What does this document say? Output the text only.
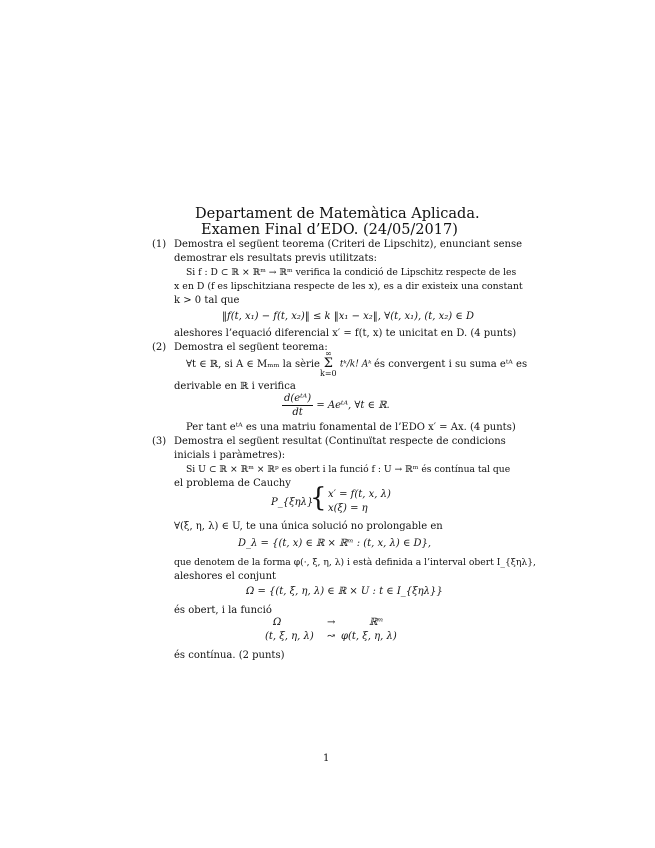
Departament de Matemàtica Aplicada.
Examen Final d’EDO. (24/05/2017)
(1) Demostra el següent teorema (Criteri de Lipschitz), enunciant sense
demostrar els resultats previs utilitzats:
Si f : D ⊂ ℝ × ℝᵐ → ℝᵐ verifica la condició de Lipschitz respecte de les
x en D (f es lipschitziana respecte de les x), es a dir existeix una constant
k > 0 tal que
‖f(t, x₁) − f(t, x₂)‖ ≤ k ‖x₁ − x₂‖, ∀(t, x₁), (t, x₂) ∈ D
aleshores l’equació diferencial x′ = f(t, x) te unicitat en D. (4 punts)
(2) Demostra el següent teorema:
∀t ∈ ℝ, si A ∈ Mₘₘ la sèrie
∞
Σ
k=0 tᵏ/k! Aᵏ és convergent i su suma eᵗᴬ es
derivable en ℝ i verifica
$\frac{\text{d(eᵗᴬ)}}{dt}$ = Aeᵗᴬ, ∀t ∈ ℝ.
Per tant eᵗᴬ es una matriu fonamental de l’EDO x′ = Ax. (4 punts)
(3) Demostra el següent resultat (Continuïtat respecte de condicions
inicials i paràmetres):
Si U ⊂ ℝ × ℝᵐ × ℝᵖ es obert i la funció f : U → ℝᵐ és contínua tal que
el problema de Cauchy
P_{ξηλ}
{ x′ = f(t, x, λ)
x(ξ) = η
∀(ξ, η, λ) ∈ U, te una única solució no prolongable en
D_λ = {(t, x) ∈ ℝ × ℝᵐ : (t, x, λ) ∈ D},
que denotem de la forma φ(·, ξ, η, λ) i està definida a l’interval obert I_{ξηλ},
aleshores el conjunt
Ω = {(t, ξ, η, λ) ∈ ℝ × U : t ∈ I_{ξηλ}}
és obert, i la funció
Ω	→	ℝᵐ
(t, ξ, η, λ) ↝ φ(t, ξ, η, λ)
és contínua. (2 punts)
1
